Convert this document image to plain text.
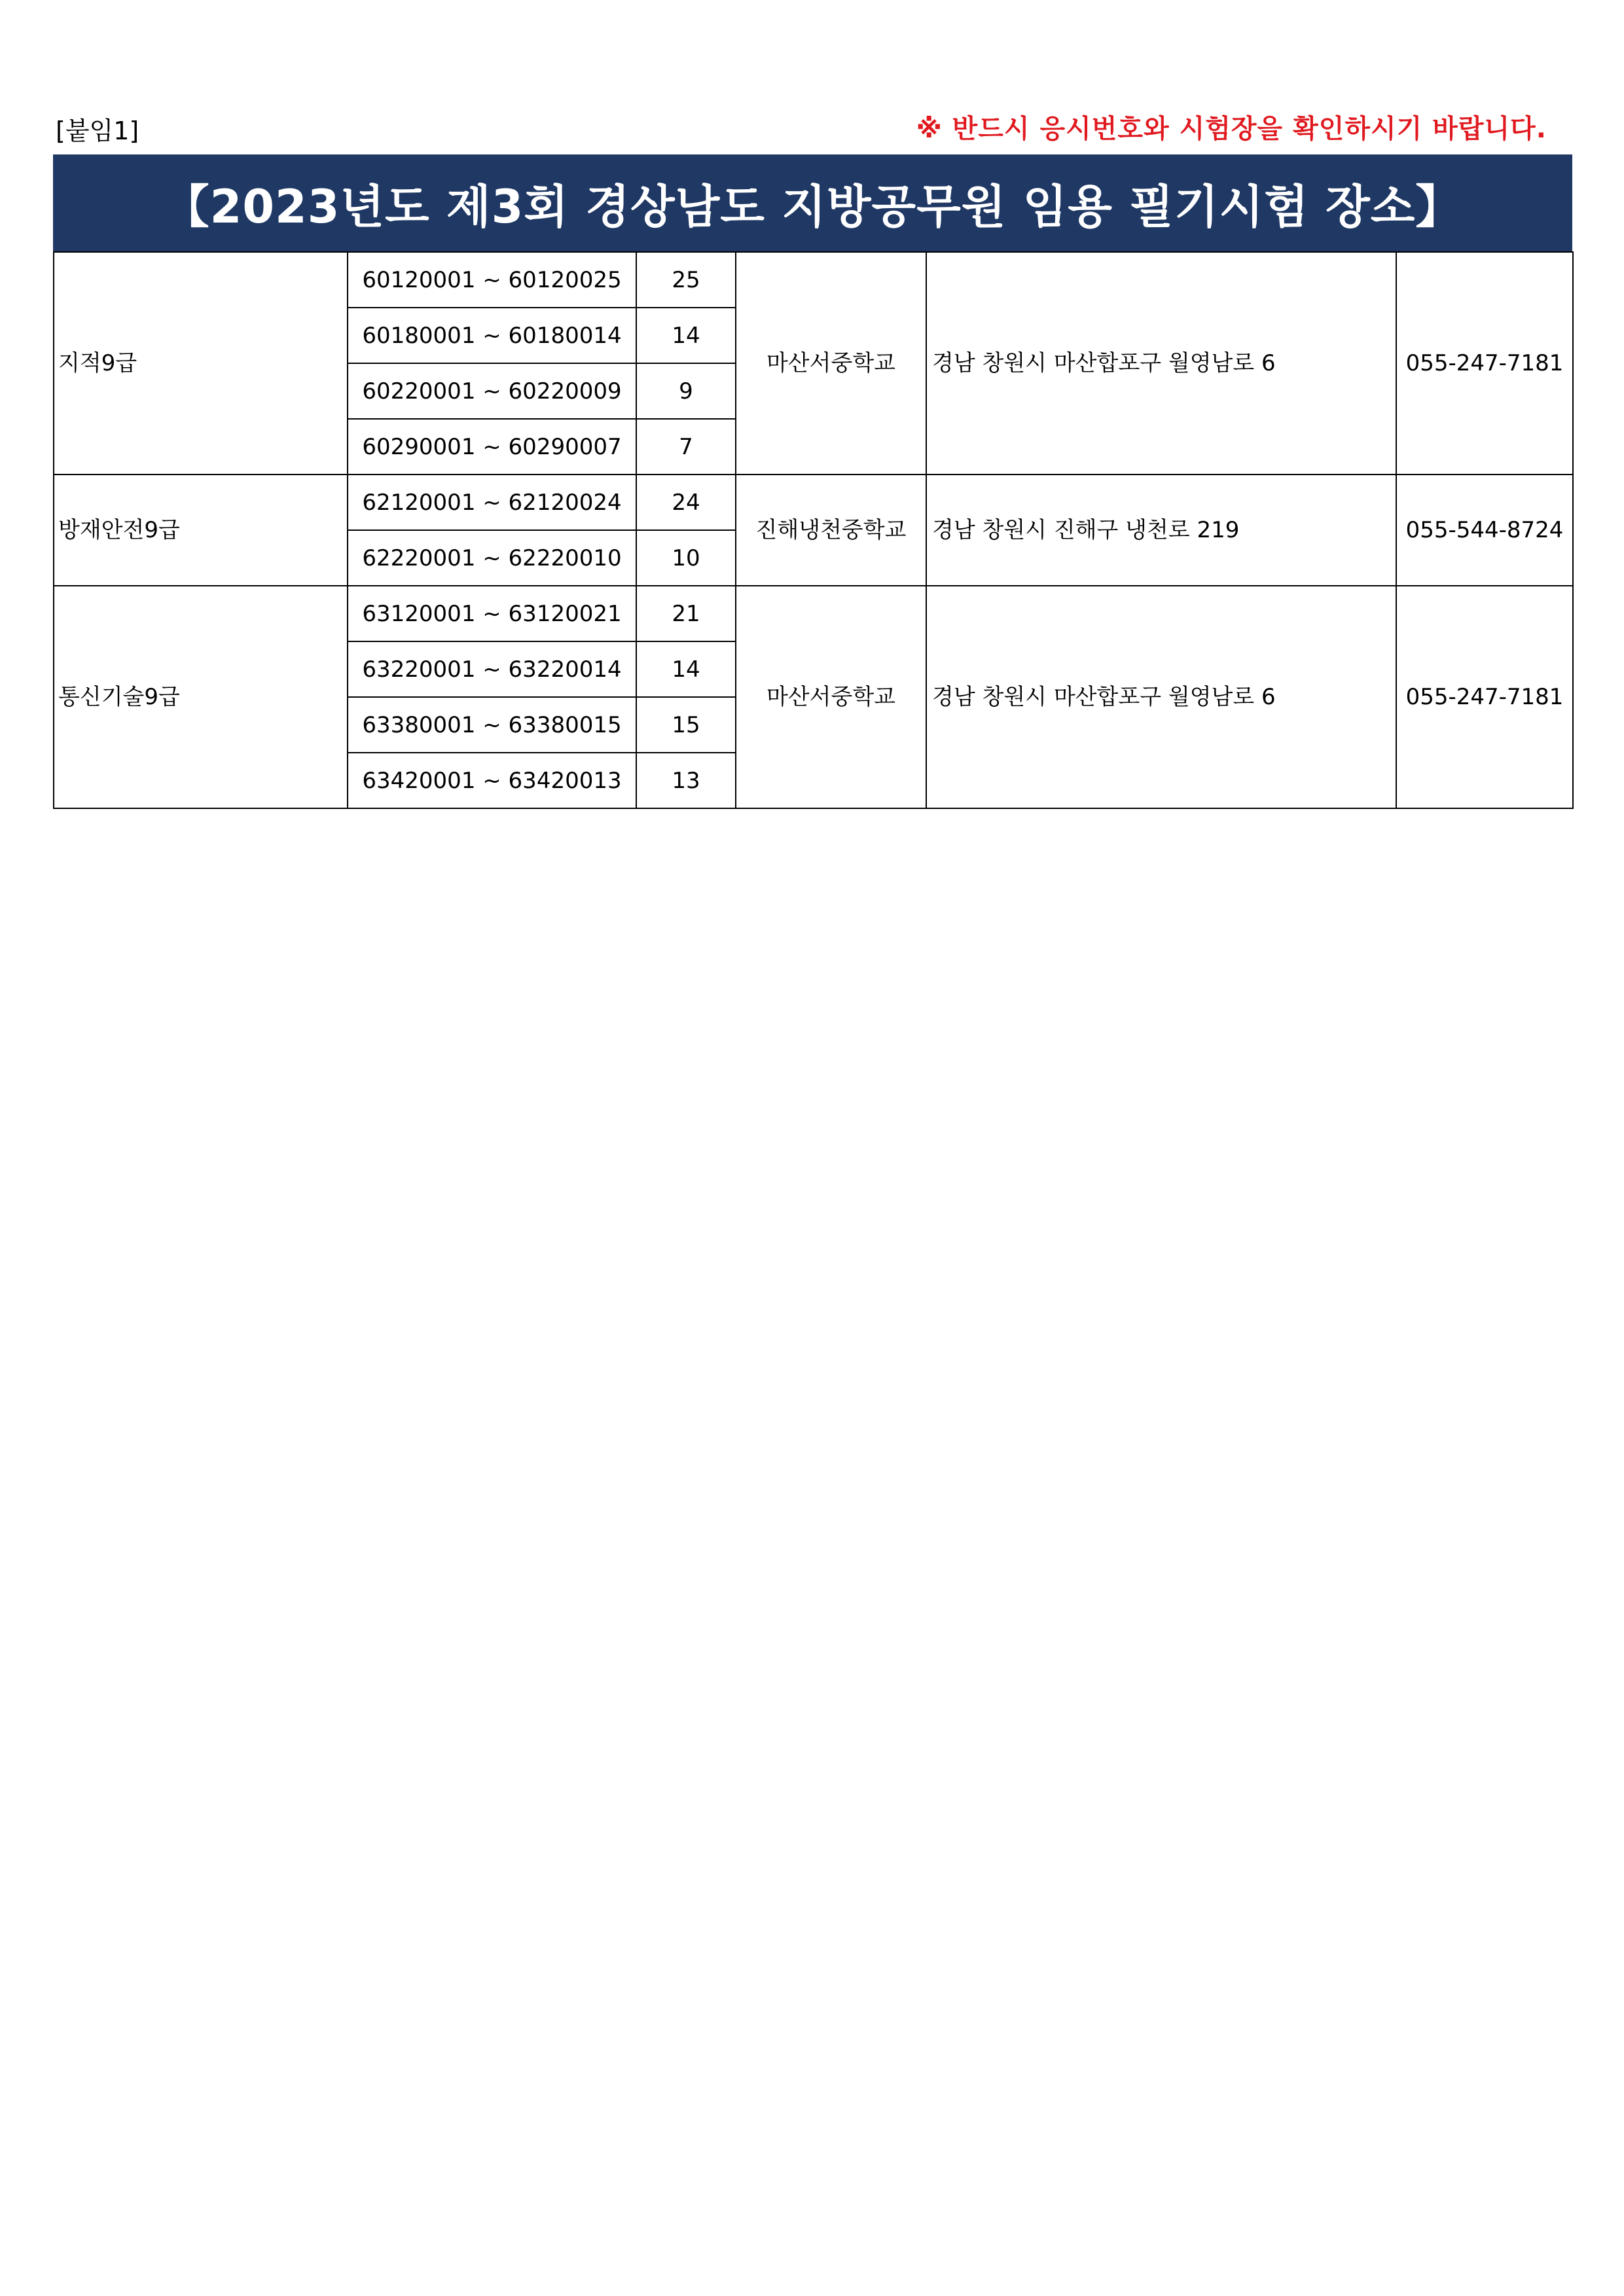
[붙임1]	※ 반드시 응시번호와 시험장을 확인하시기 바랍니다.
【2023년도 제3회 경상남도 지방공무원 임용 필기시험 장소】
지적9급	60120001 ~ 60120025	25	마산서중학교	경남 창원시 마산합포구 월영남로 6	055-247-7181
	60180001 ~ 60180014	14			
	60220001 ~ 60220009	9			
	60290001 ~ 60290007	7			
방재안전9급	62120001 ~ 62120024	24	진해냉천중학교	경남 창원시 진해구 냉천로 219	055-544-8724
	62220001 ~ 62220010	10			
통신기술9급	63120001 ~ 63120021	21	마산서중학교	경남 창원시 마산합포구 월영남로 6	055-247-7181
	63220001 ~ 63220014	14			
	63380001 ~ 63380015	15			
	63420001 ~ 63420013	13			
